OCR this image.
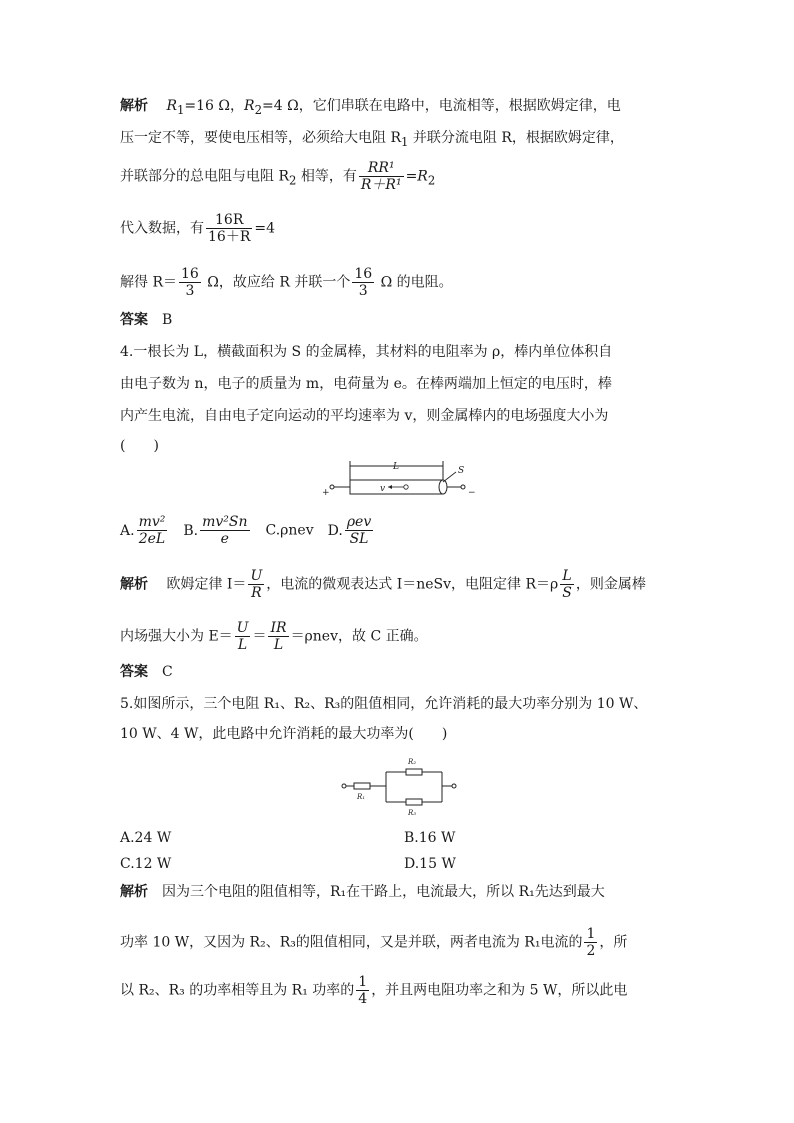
解析　 $R_1=16$ Ω，$R_2=4$ Ω，它们串联在电路中，电流相等，根据欧姆定律，电
压一定不等，要使电压相等，必须给大电阻 $R_1$ 并联分流电阻 R，根据欧姆定律，
并联部分的总电阻与电阻 $R_2$ 相等，有 $\frac{\text{RR¹}}{\text{R＋R¹}} =R_2$
代入数据，有 $\frac{16R}{16+R} =4$
解得 $R= \frac{16}{3}$ Ω，故应给 R 并联一个 $\frac{16}{3}$ Ω 的电阻。
答案　 B
4.一根长为 L，横截面积为 S 的金属棒，其材料的电阻率为 ρ，棒内单位体积自
由电子数为 n，电子的质量为 m，电荷量为 e。在棒两端加上恒定的电压时，棒
内产生电流，自由电子定向运动的平均速率为 v，则金属棒内的电场强度大小为
(　　)
L	S
+	−
v
A. $\frac{\text{mv²}}{2eL}$
　 B. $\frac{\text{mv²Sn}}{e}$
　 C.ρnev　 D. $\frac{\text{ρev}}{SL}$
解析　 欧姆定律 $I= \frac{U}{R}$ ，电流的微观表达式 I＝neSv，电阻定律 $R=\rho \frac{L}{S}$ ，则金属棒
内场强大小为 $E= \frac{U}{L} = \frac{IR}{L} =\rho nev$，故 C 正确。
答案　 C
5.如图所示，三个电阻 R₁、R₂、R₃的阻值相同，允许消耗的最大功率分别为 10 W、
10 W、4 W，此电路中允许消耗的最大功率为(　　)
R₁
R₂
R₃
A.24 W	B.16 W
C.12 W	D.15 W
解析　 因为三个电阻的阻值相等，R₁在干路上，电流最大，所以 R₁先达到最大
功率 10 W，又因为 R₂、R₃的阻值相同，又是并联，两者电流为 R₁电流的 $\frac{1}{2}$ ，所
以 R₂、R₃ 的功率相等且为 R₁ 功率的 $\frac{1}{4}$ ，并且两电阻功率之和为 5 W，所以此电
